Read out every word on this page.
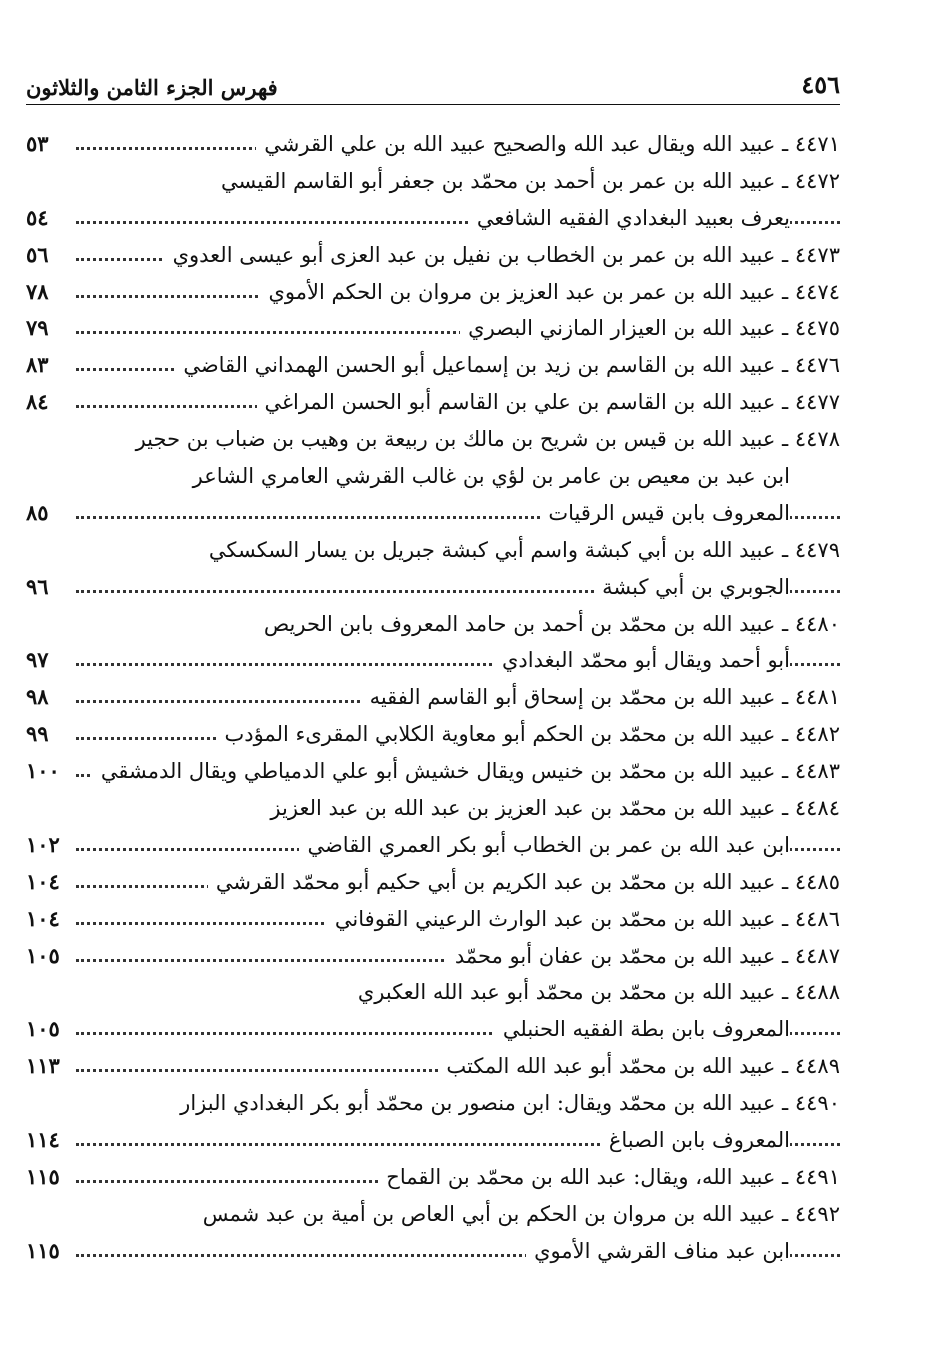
٤٥٦
فهرس الجزء الثامن والثلاثون
٥٣	٤٤٧١ ـ عبيد الله ويقال عبد الله والصحيح عبيد الله بن علي القرشي
٤٤٧٢ ـ عبيد الله بن عمر بن أحمد بن محمّد بن جعفر أبو القاسم القيسي
٥٤	يعرف بعبيد البغدادي الفقيه الشافعي
٥٦	٤٤٧٣ ـ عبيد الله بن عمر بن الخطاب بن نفيل بن عبد العزى أبو عيسى العدوي
٧٨	٤٤٧٤ ـ عبيد الله بن عمر بن عبد العزيز بن مروان بن الحكم الأموي
٧٩	٤٤٧٥ ـ عبيد الله بن العيزار المازني البصري
٨٣	٤٤٧٦ ـ عبيد الله بن القاسم بن زيد بن إسماعيل أبو الحسن الهمداني القاضي
٨٤	٤٤٧٧ ـ عبيد الله بن القاسم بن علي بن القاسم أبو الحسن المراغي
٤٤٧٨ ـ عبيد الله بن قيس بن شريح بن مالك بن ربيعة بن وهيب بن ضباب بن حجير
ابن عبد بن معيص بن عامر بن لؤي بن غالب القرشي العامري الشاعر
٨٥	المعروف بابن قيس الرقيات
٤٤٧٩ ـ عبيد الله بن أبي كبشة واسم أبي كبشة جبريل بن يسار السكسكي
٩٦	الجوبري بن أبي كبشة
٤٤٨٠ ـ عبيد الله بن محمّد بن أحمد بن حامد المعروف بابن الحريص
٩٧	أبو أحمد ويقال أبو محمّد البغدادي
٩٨	٤٤٨١ ـ عبيد الله بن محمّد بن إسحاق أبو القاسم الفقيه
٩٩	٤٤٨٢ ـ عبيد الله بن محمّد بن الحكم أبو معاوية الكلابي المقرىء المؤدب
١٠٠	٤٤٨٣ ـ عبيد الله بن محمّد بن خنيس ويقال خشيش أبو علي الدمياطي ويقال الدمشقي
٤٤٨٤ ـ عبيد الله بن محمّد بن عبد العزيز بن عبد الله بن عبد العزيز
١٠٢	ابن عبد الله بن عمر بن الخطاب أبو بكر العمري القاضي
١٠٤	٤٤٨٥ ـ عبيد الله بن محمّد بن عبد الكريم بن أبي حكيم أبو محمّد القرشي
١٠٤	٤٤٨٦ ـ عبيد الله بن محمّد بن عبد الوارث الرعيني القوفاني
١٠٥	٤٤٨٧ ـ عبيد الله بن محمّد بن عفان أبو محمّد
٤٤٨٨ ـ عبيد الله بن محمّد بن محمّد أبو عبد الله العكبري
١٠٥	المعروف بابن بطة الفقيه الحنبلي
١١٣	٤٤٨٩ ـ عبيد الله بن محمّد أبو عبد الله المكتب
٤٤٩٠ ـ عبيد الله بن محمّد ويقال: ابن منصور بن محمّد أبو بكر البغدادي البزار
١١٤	المعروف بابن الصباغ
١١٥	٤٤٩١ ـ عبيد الله، ويقال: عبد الله بن محمّد بن القماح
٤٤٩٢ ـ عبيد الله بن مروان بن الحكم بن أبي العاص بن أمية بن عبد شمس
١١٥	ابن عبد مناف القرشي الأموي
